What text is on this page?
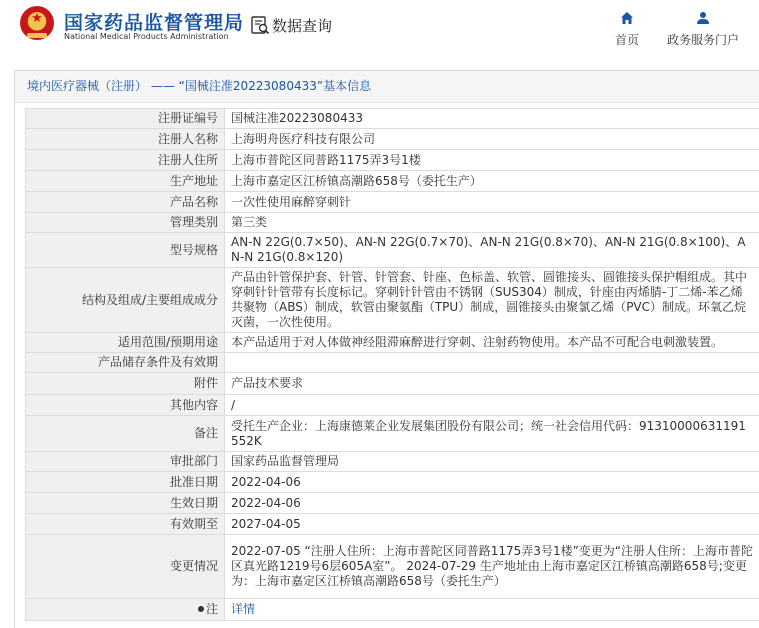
★	国家药品监督管理局
National Medical Products Administration
数据查询
首页	政务服务门户
境内医疗器械（注册） —— “国械注准20223080433”基本信息
注册证编号	国械注准20223080433
注册人名称	上海明舟医疗科技有限公司
注册人住所	上海市普陀区同普路1175弄3号1楼
生产地址	上海市嘉定区江桥镇高潮路658号（委托生产）
产品名称	一次性使用麻醉穿刺针
管理类别	第三类
型号规格	AN-N 22G(0.7×50)、AN-N 22G(0.7×70)、AN-N 21G(0.8×70)、AN-N 21G(0.8×100)、AN-N 21G(0.8×120)
结构及组成/主要组成成分	产品由针管保护套、针管、针管套、针座、色标盖、软管、圆锥接头、圆锥接头保护帽组成。其中穿刺针针管带有长度标记。穿刺针针管由不锈钢（SUS304）制成，针座由丙烯腈-丁二烯-苯乙烯共聚物（ABS）制成，软管由聚氨酯（TPU）制成，圆锥接头由聚氯乙烯（PVC）制成。环氧乙烷灭菌，一次性使用。
适用范围/预期用途	本产品适用于对人体做神经阻滞麻醉进行穿刺、注射药物使用。本产品不可配合电刺激装置。
产品储存条件及有效期	
附件	产品技术要求
其他内容	/
备注	受托生产企业：上海康德莱企业发展集团股份有限公司；统一社会信用代码：91310000631191552K
审批部门	国家药品监督管理局
批准日期	2022-04-06
生效日期	2022-04-06
有效期至	2027-04-05
变更情况	2022-07-05 “注册人住所：上海市普陀区同普路1175弄3号1楼”变更为“注册人住所：上海市普陀区真光路1219号6层605A室”。 2024-07-29 生产地址由上海市嘉定区江桥镇高潮路658号;变更为：上海市嘉定区江桥镇高潮路658号（委托生产）
注	详情
